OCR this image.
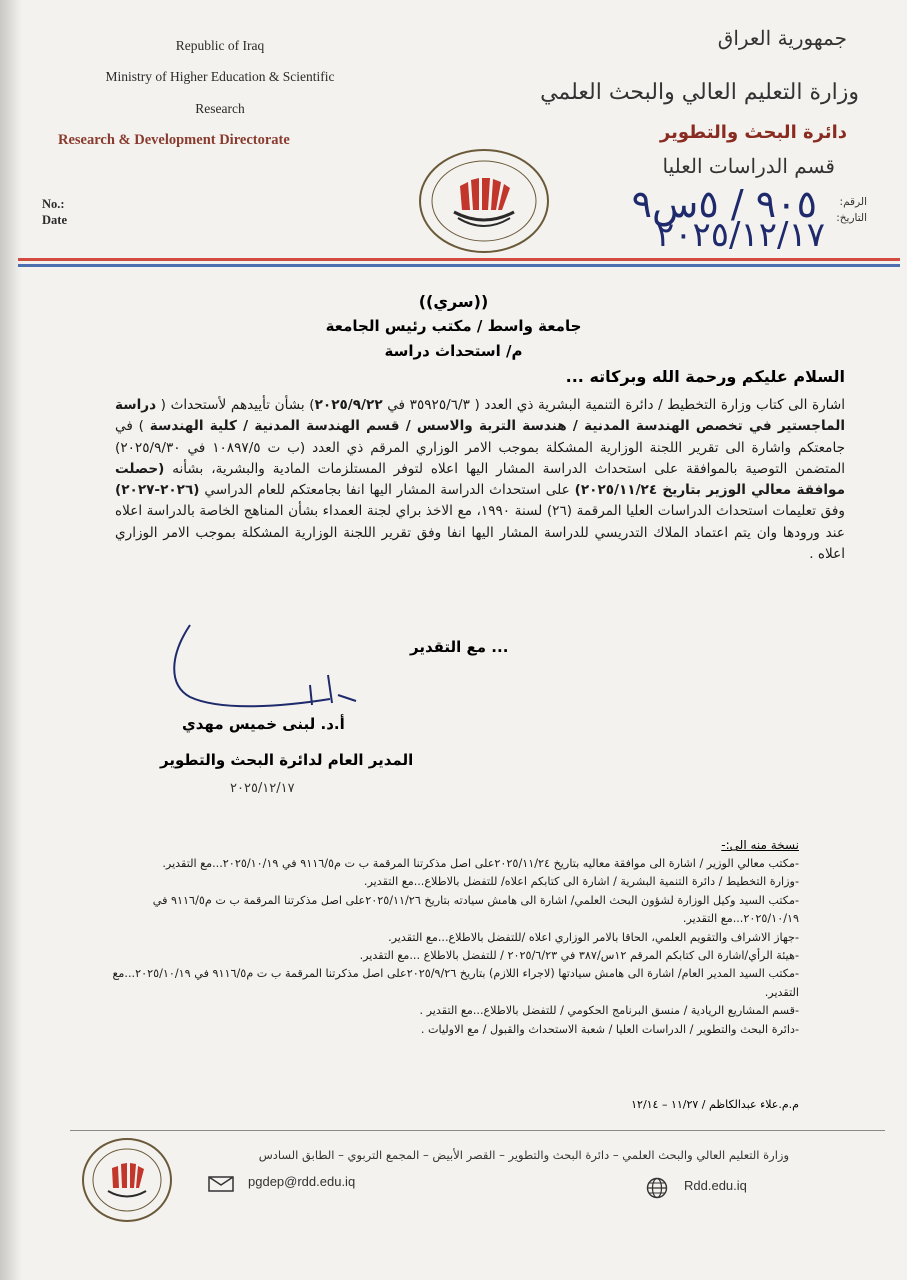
Republic of Iraq
Ministry of Higher Education & Scientific
Research
Research & Development Directorate
No.:
Date
جمهورية العراق
وزارة التعليم العالي والبحث العلمي
دائرة البحث والتطوير
قسم الدراسات العليا
الرقم:
التاريخ:
٩٠٥ / ٥س٩
٢٠٢٥/١٢/١٧
((سري))
جامعة واسط / مكتب رئيس الجامعة
م/ استحداث دراسة
السلام عليكم ورحمة الله وبركاته ...
اشارة الى كتاب وزارة التخطيط / دائرة التنمية البشرية ذي العدد ( ٣٥٩٢٥/٦/٣ في ٢٠٢٥/٩/٢٢) بشأن تأييدهم لأستحداث ( دراسة الماجستير في تخصص الهندسة المدنية / هندسة التربة والاسس / قسم الهندسة المدنية / كلية الهندسة ) في جامعتكم واشارة الى تقرير اللجنة الوزارية المشكلة بموجب الامر الوزاري المرقم ذي العدد (ب ت ١٠٨٩٧/٥ في ٢٠٢٥/٩/٣٠) المتضمن التوصية بالموافقة على استحداث الدراسة المشار اليها اعلاه لتوفر المستلزمات المادية والبشرية، بشأنه (حصلت موافقة معالي الوزير بتاريخ ٢٠٢٥/١١/٢٤) على استحداث الدراسة المشار اليها انفا بجامعتكم للعام الدراسي (٢٠٢٦-٢٠٢٧) وفق تعليمات استحداث الدراسات العليا المرقمة (٢٦) لسنة ١٩٩٠، مع الاخذ براي لجنة العمداء بشأن المناهج الخاصة بالدراسة اعلاه عند ورودها وان يتم اعتماد الملاك التدريسي للدراسة المشار اليها انفا وفق تقرير اللجنة الوزارية المشكلة بموجب الامر الوزاري اعلاه .
... مع التقدير
أ.د. لبنى خميس مهدي
المدير العام لدائرة البحث والتطوير
٢٠٢٥/١٢/١٧
نسخة منه الى:-
-مكتب معالي الوزير / اشارة الى موافقة معاليه بتاريخ ٢٠٢٥/١١/٢٤على اصل مذكرتنا المرقمة ب ت م٩١١٦/٥ في ٢٠٢٥/١٠/١٩...مع التقدير.
-وزارة التخطيط / دائرة التنمية البشرية / اشارة الى كتابكم اعلاه/ للتفضل بالاطلاع...مع التقدير.
-مكتب السيد وكيل الوزارة لشؤون البحث العلمي/ اشارة الى هامش سيادته بتاريخ ٢٠٢٥/١١/٢٦على اصل مذكرتنا المرقمة ب ت م٩١١٦/٥ في ٢٠٢٥/١٠/١٩...مع التقدير.
-جهاز الاشراف والتقويم العلمي، الحاقا بالامر الوزاري اعلاه /للتفضل بالاطلاع...مع التقدير.
-هيئة الرأي/اشارة الى كتابكم المرقم ١٢س/٣٨٧ في ٢٠٢٥/٦/٢٣ / للتفضل بالاطلاع ...مع التقدير.
-مكتب السيد المدير العام/ اشارة الى هامش سيادتها (لاجراء اللازم) بتاريخ ٢٠٢٥/٩/٢٦على اصل مذكرتنا المرقمة ب ت م٩١١٦/٥ في ٢٠٢٥/١٠/١٩...مع التقدير.
-قسم المشاريع الريادية / منسق البرنامج الحكومي / للتفضل بالاطلاع...مع التقدير .
-دائرة البحث والتطوير / الدراسات العليا / شعبة الاستحداث والقبول / مع الاوليات .
م.م.علاء عبدالكاظم / ١١/٢٧ – ١٢/١٤
وزارة التعليم العالي والبحث العلمي – دائرة البحث والتطوير – القصر الأبيض – المجمع التربوي – الطابق السادس
pgdep@rdd.edu.iq	Rdd.edu.iq
